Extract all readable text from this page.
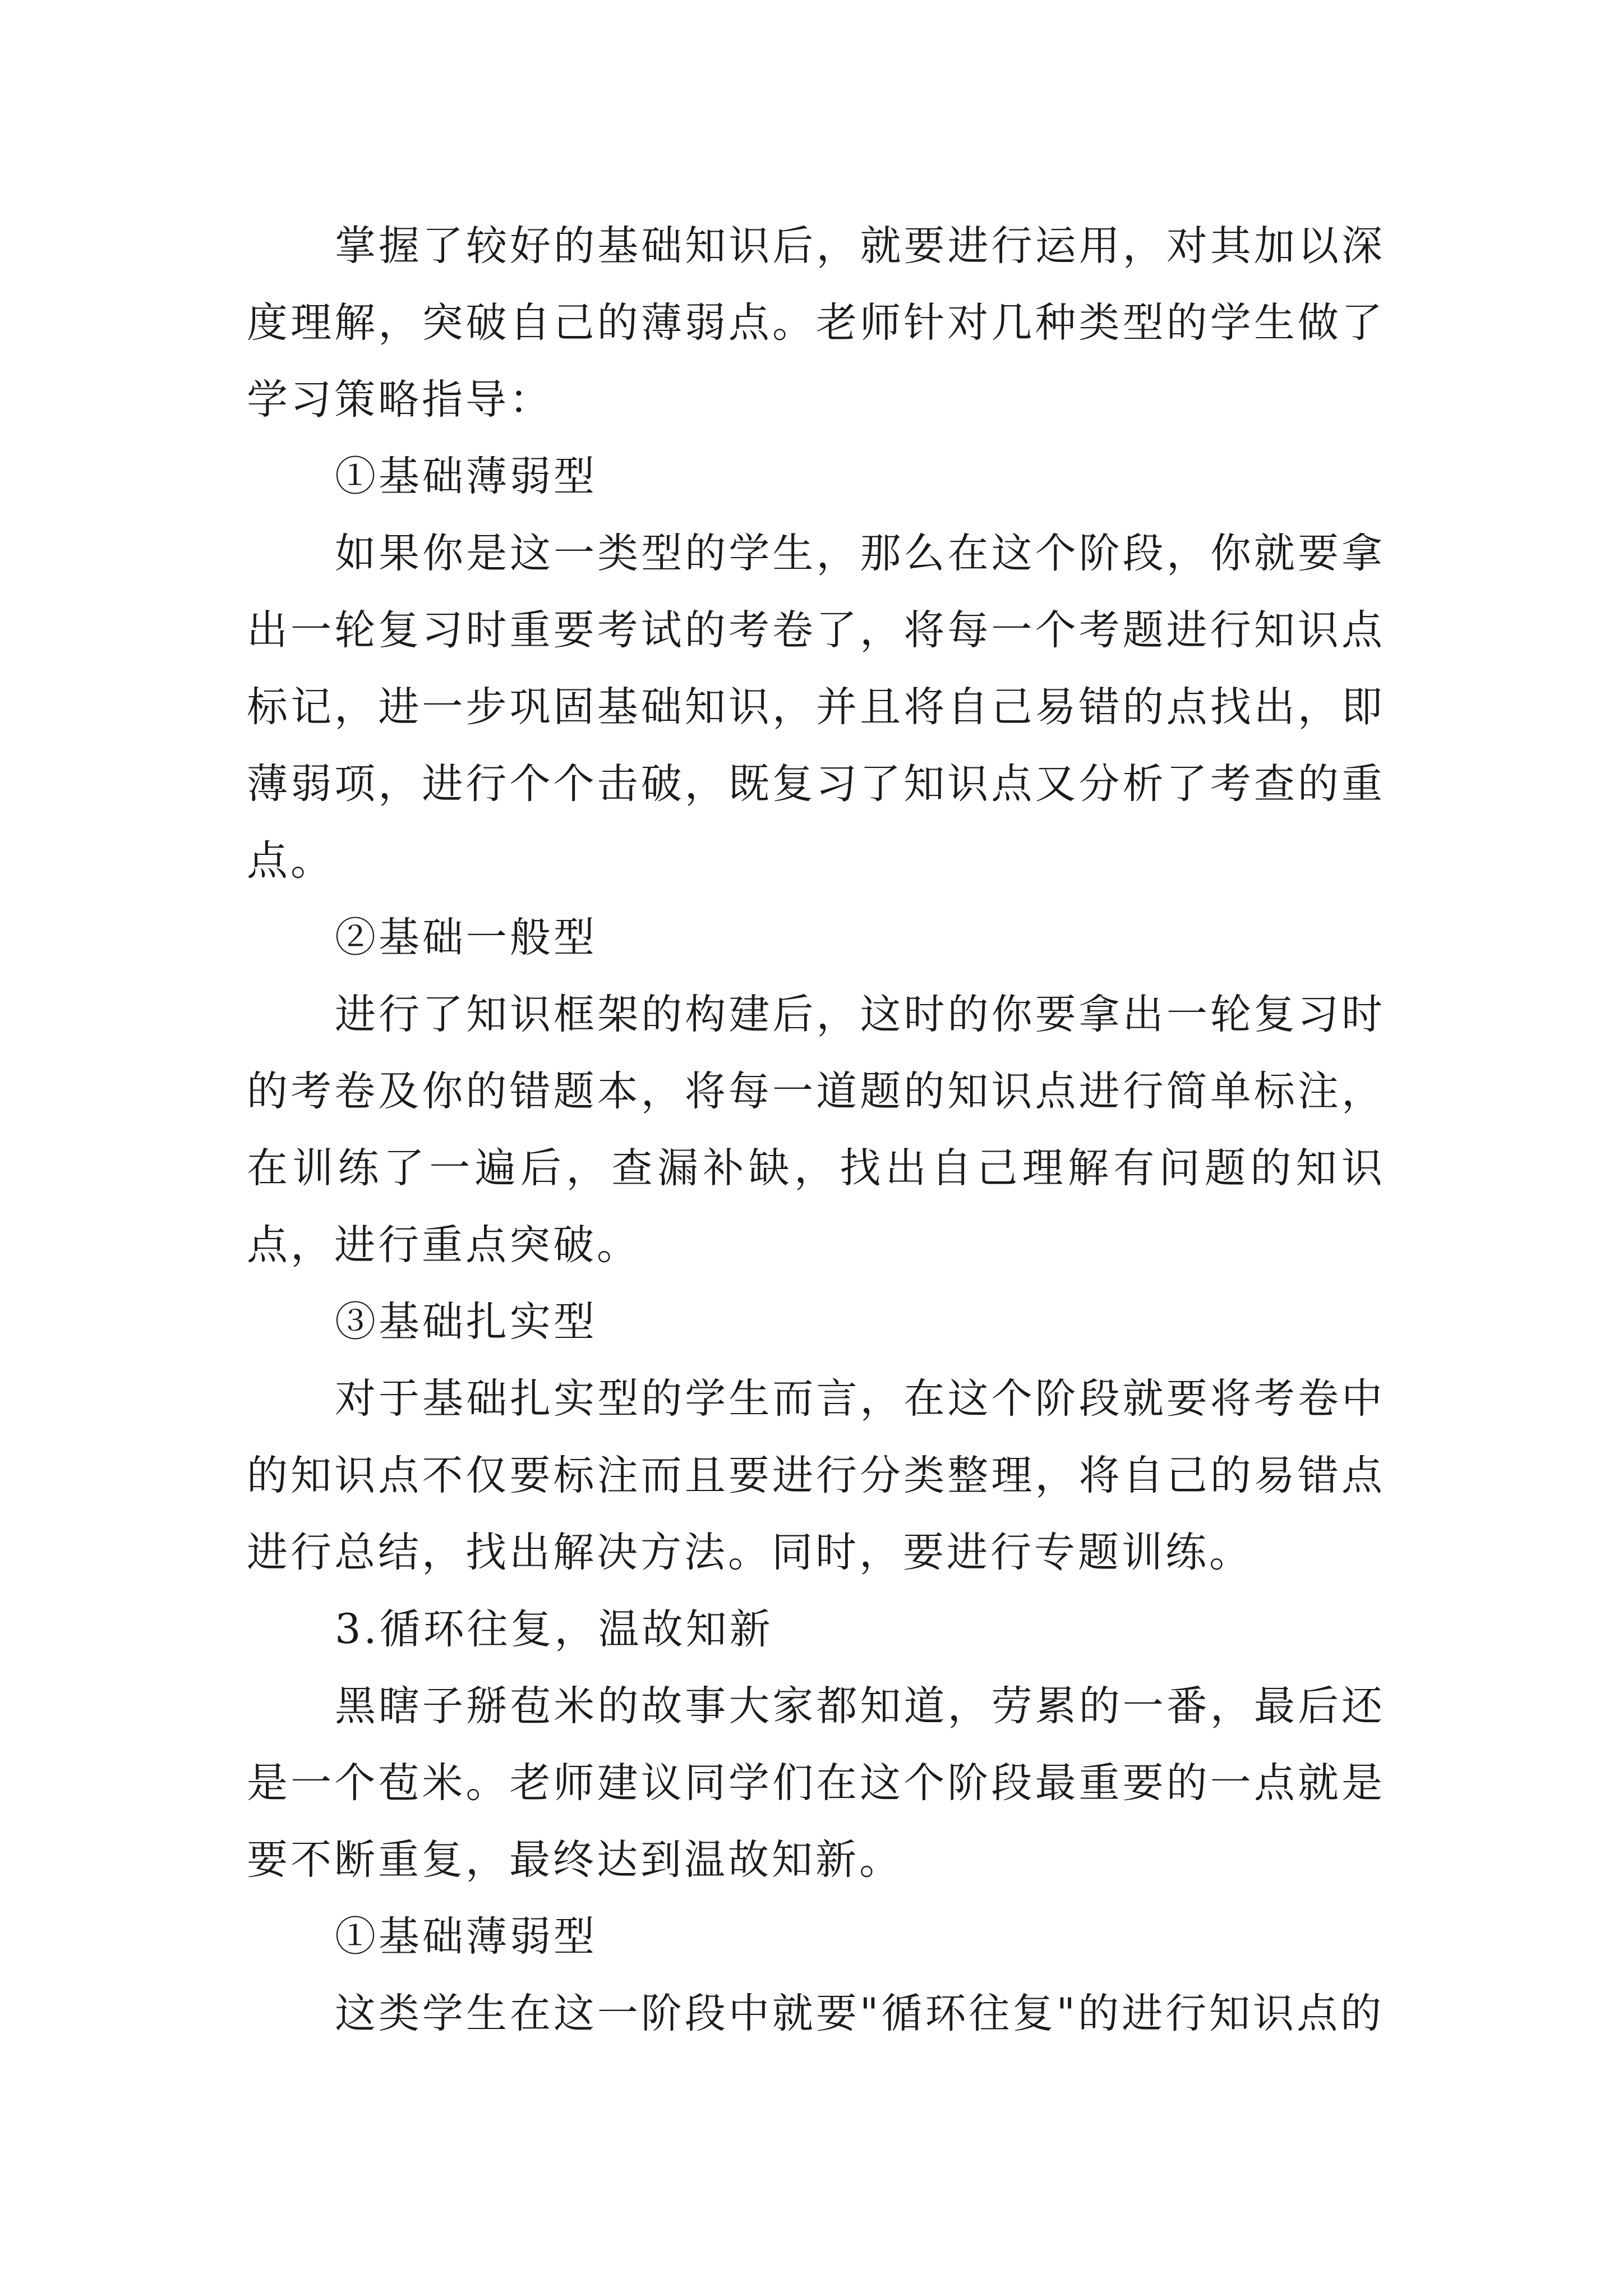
掌握了较好的基础知识后，就要进行运用，对其加以深度理解，突破自己的薄弱点。老师针对几种类型的学生做了学习策略指导：

①基础薄弱型

如果你是这一类型的学生，那么在这个阶段，你就要拿出一轮复习时重要考试的考卷了，将每一个考题进行知识点标记，进一步巩固基础知识，并且将自己易错的点找出，即薄弱项，进行个个击破，既复习了知识点又分析了考查的重点。

②基础一般型

进行了知识框架的构建后，这时的你要拿出一轮复习时的考卷及你的错题本，将每一道题的知识点进行简单标注，在训练了一遍后，查漏补缺，找出自己理解有问题的知识点，进行重点突破。

③基础扎实型

对于基础扎实型的学生而言，在这个阶段就要将考卷中的知识点不仅要标注而且要进行分类整理，将自己的易错点进行总结，找出解决方法。同时，要进行专题训练。

3.循环往复，温故知新

黑瞎子掰苞米的故事大家都知道，劳累的一番，最后还是一个苞米。老师建议同学们在这个阶段最重要的一点就是要不断重复，最终达到温故知新。

①基础薄弱型

这类学生在这一阶段中就要"循环往复"的进行知识点的
